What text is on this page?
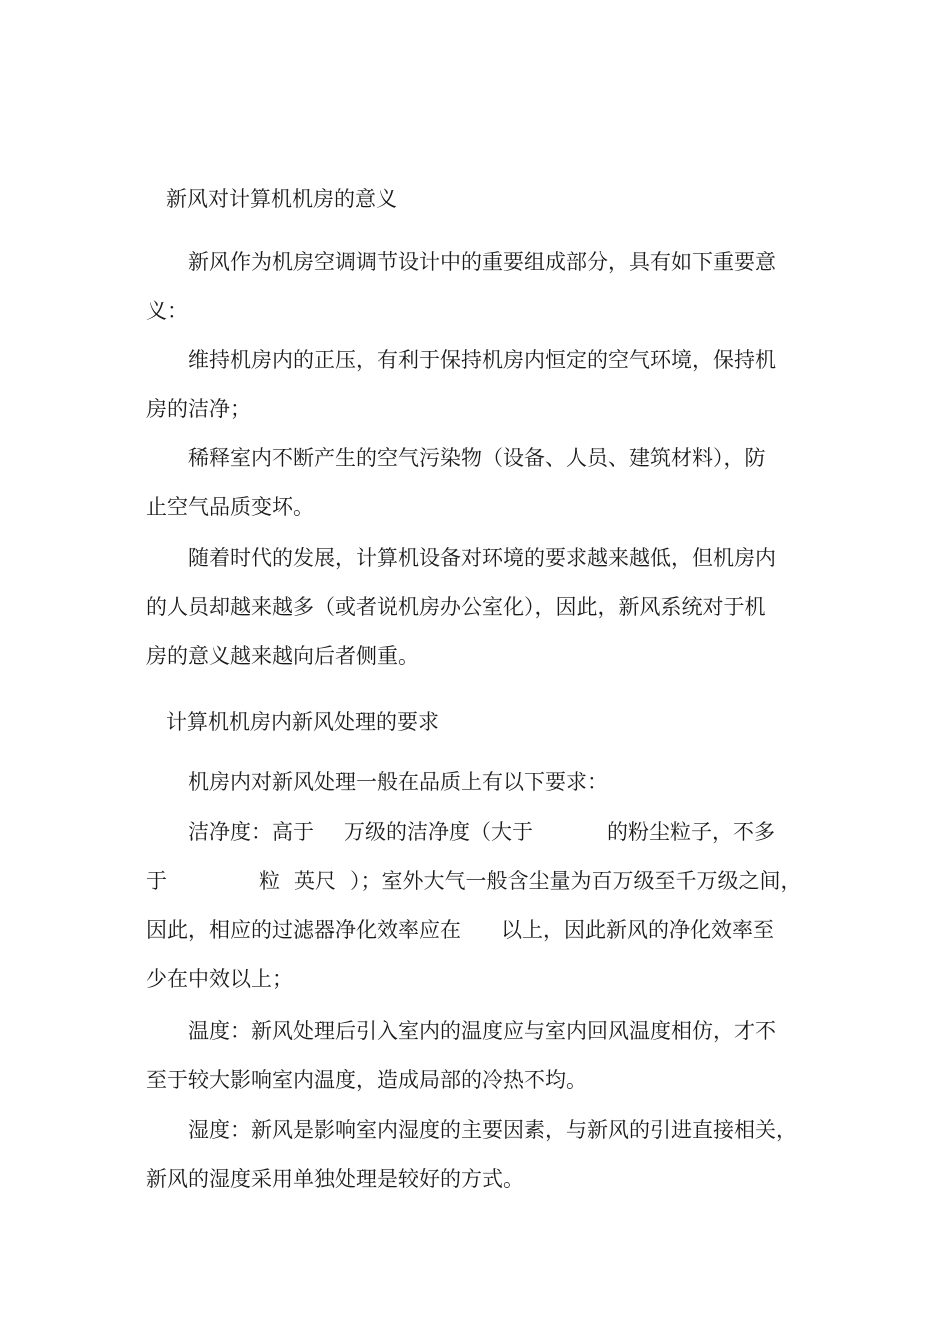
新风对计算机机房的意义
新风作为机房空调调节设计中的重要组成部分，具有如下重要意
义：
维持机房内的正压，有利于保持机房内恒定的空气环境，保持机
房的洁净；
稀释室内不断产生的空气污染物（设备、人员、建筑材料），防
止空气品质变坏。
随着时代的发展，计算机设备对环境的要求越来越低，但机房内
的人员却越来越多（或者说机房办公室化），因此，新风系统对于机
房的意义越来越向后者侧重。
计算机机房内新风处理的要求
机房内对新风处理一般在品质上有以下要求：
洁净度：高于 万级的洁净度（大于	的粉尘粒子，不多
于	粒 英尺 ）；室外大气一般含尘量为百万级至千万级之间，
因此，相应的过滤器净化效率应在 以上，因此新风的净化效率至
少在中效以上；
温度：新风处理后引入室内的温度应与室内回风温度相仿，才不
至于较大影响室内温度，造成局部的冷热不均。
湿度：新风是影响室内湿度的主要因素，与新风的引进直接相关，
新风的湿度采用单独处理是较好的方式。
